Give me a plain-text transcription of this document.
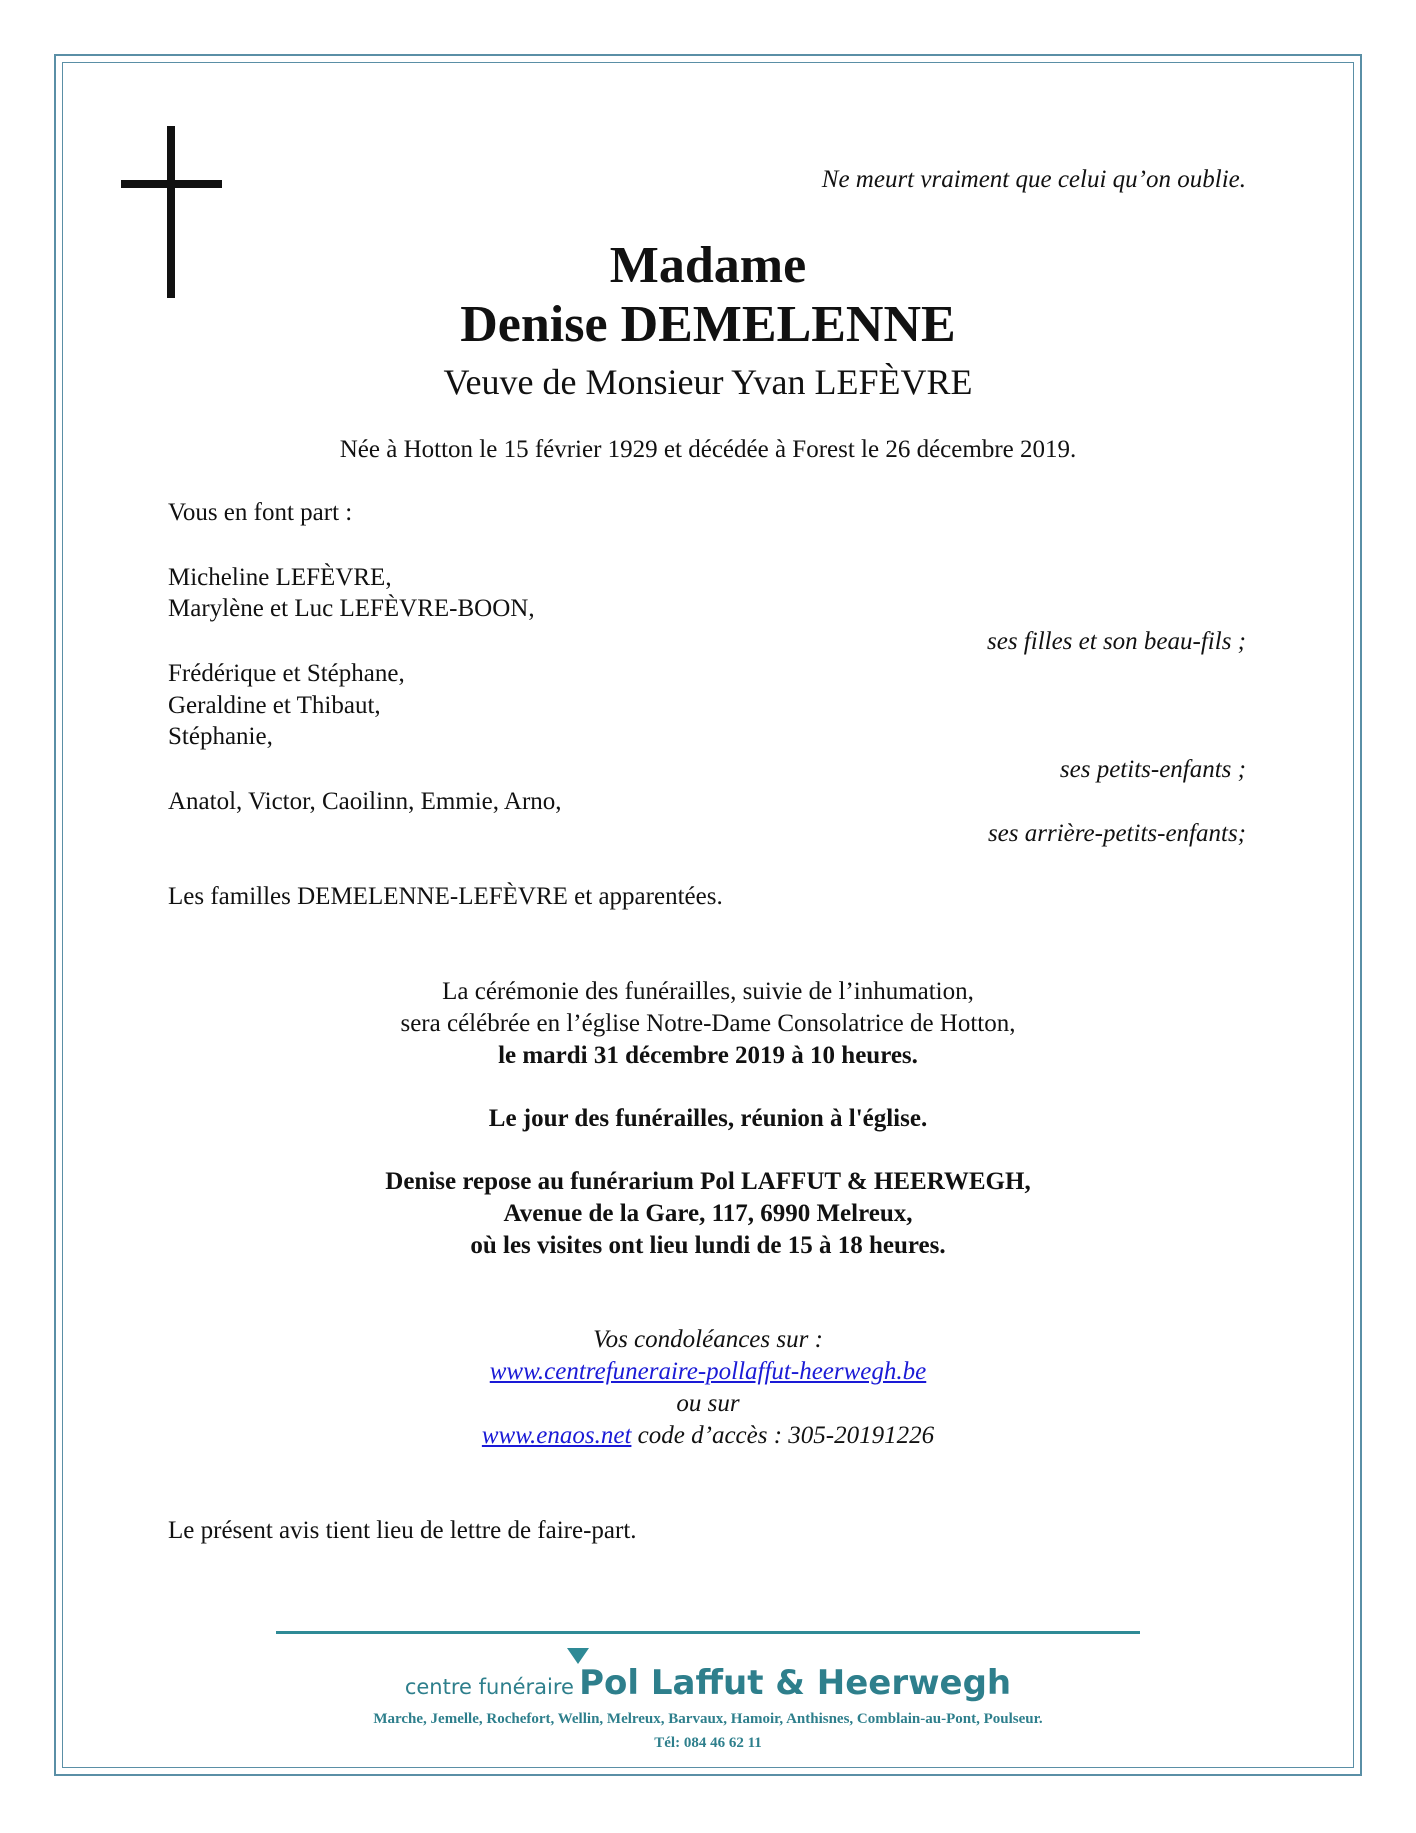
Ne meurt vraiment que celui qu’on oublie.
Madame
Denise DEMELENNE
Veuve de Monsieur Yvan LEFÈVRE
Née à Hotton le 15 février 1929 et décédée à Forest le 26 décembre 2019.
Vous en font part :
Micheline LEFÈVRE,
Marylène et Luc LEFÈVRE-BOON,
ses filles et son beau-fils ;
Frédérique et Stéphane,
Geraldine et Thibaut,
Stéphanie,
ses petits-enfants ;
Anatol, Victor, Caoilinn, Emmie, Arno,
ses arrière-petits-enfants;
Les familles DEMELENNE-LEFÈVRE et apparentées.
La cérémonie des funérailles, suivie de l’inhumation,
sera célébrée en l’église Notre-Dame Consolatrice de Hotton,
le mardi 31 décembre 2019 à 10 heures.
Le jour des funérailles, réunion à l'église.
Denise repose au funérarium Pol LAFFUT & HEERWEGH,
Avenue de la Gare, 117, 6990 Melreux,
où les visites ont lieu lundi de 15 à 18 heures.
Vos condoléances sur :
www.centrefuneraire-pollaffut-heerwegh.be
ou sur
www.enaos.net code d’accès : 305-20191226
Le présent avis tient lieu de lettre de faire-part.
centre funéraire Pol Laffut & Heerwegh
Marche, Jemelle, Rochefort, Wellin, Melreux, Barvaux, Hamoir, Anthisnes, Comblain-au-Pont, Poulseur.
Tél: 084 46 62 11
